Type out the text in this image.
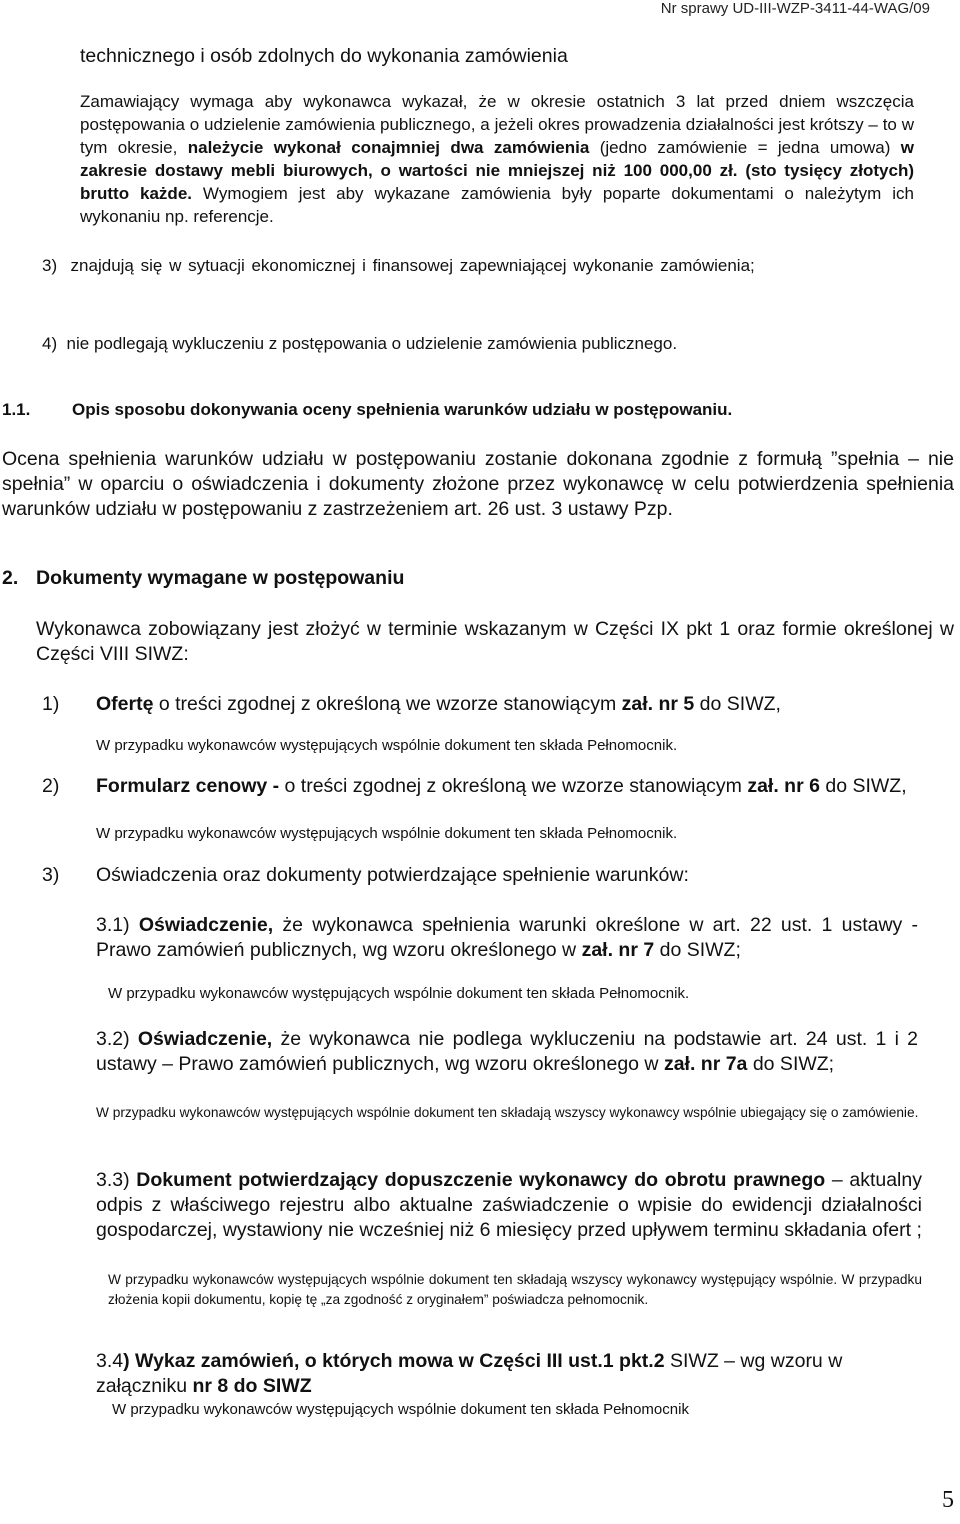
Nr sprawy UD-III-WZP-3411-44-WAG/09
technicznego i osób zdolnych do wykonania zamówienia
Zamawiający wymaga aby wykonawca wykazał, że w okresie ostatnich 3 lat przed dniem wszczęcia postępowania o udzielenie zamówienia publicznego, a jeżeli okres prowadzenia działalności jest krótszy – to w tym okresie, należycie wykonał conajmniej dwa zamówienia (jedno zamówienie = jedna umowa) w zakresie dostawy mebli biurowych, o wartości nie mniejszej niż 100 000,00 zł. (sto tysięcy złotych) brutto każde. Wymogiem jest aby wykazane zamówienia były poparte dokumentami o należytym ich wykonaniu np. referencje.
3)  znajdują się w sytuacji ekonomicznej i finansowej zapewniającej wykonanie zamówienia;
4)  nie podlegają wykluczeniu z postępowania o udzielenie zamówienia publicznego.
1.1. Opis sposobu dokonywania oceny spełnienia warunków udziału w postępowaniu.
Ocena spełnienia warunków udziału w postępowaniu zostanie dokonana zgodnie z formułą ”spełnia – nie spełnia” w oparciu o oświadczenia i dokumenty złożone przez wykonawcę w celu potwierdzenia spełnienia warunków udziału w postępowaniu z zastrzeżeniem art. 26 ust. 3 ustawy Pzp.
2. Dokumenty wymagane w postępowaniu
Wykonawca zobowiązany jest złożyć w terminie wskazanym w Części IX pkt 1 oraz formie określonej w Części VIII SIWZ:
1) Ofertę o treści zgodnej z określoną we wzorze stanowiącym zał. nr 5 do SIWZ,
W przypadku wykonawców występujących wspólnie dokument ten składa Pełnomocnik.
2) Formularz cenowy - o treści zgodnej z określoną we wzorze stanowiącym zał. nr 6 do SIWZ,
W przypadku wykonawców występujących wspólnie dokument ten składa Pełnomocnik.
3) Oświadczenia oraz dokumenty potwierdzające spełnienie warunków:
3.1) Oświadczenie, że wykonawca spełnienia warunki określone w art. 22 ust. 1 ustawy - Prawo zamówień publicznych, wg wzoru określonego w zał. nr 7 do SIWZ;
W przypadku wykonawców występujących wspólnie dokument ten składa Pełnomocnik.
3.2) Oświadczenie, że wykonawca nie podlega wykluczeniu na podstawie art. 24 ust. 1 i 2 ustawy – Prawo zamówień publicznych, wg wzoru określonego w zał. nr 7a do SIWZ;
W przypadku wykonawców występujących wspólnie dokument ten składają wszyscy wykonawcy wspólnie ubiegający się o zamówienie.
3.3) Dokument potwierdzający dopuszczenie wykonawcy do obrotu prawnego – aktualny odpis z właściwego rejestru albo aktualne zaświadczenie o wpisie do ewidencji działalności gospodarczej, wystawiony nie wcześniej niż 6 miesięcy przed upływem terminu składania ofert ;
W przypadku wykonawców występujących wspólnie dokument ten składają wszyscy wykonawcy występujący wspólnie. W przypadku złożenia kopii dokumentu, kopię tę „za zgodność z oryginałem” poświadcza pełnomocnik.
3.4) Wykaz zamówień, o których mowa w Części III ust.1 pkt.2 SIWZ – wg wzoru w załączniku nr 8 do SIWZ
W przypadku wykonawców występujących wspólnie dokument ten składa Pełnomocnik
5
